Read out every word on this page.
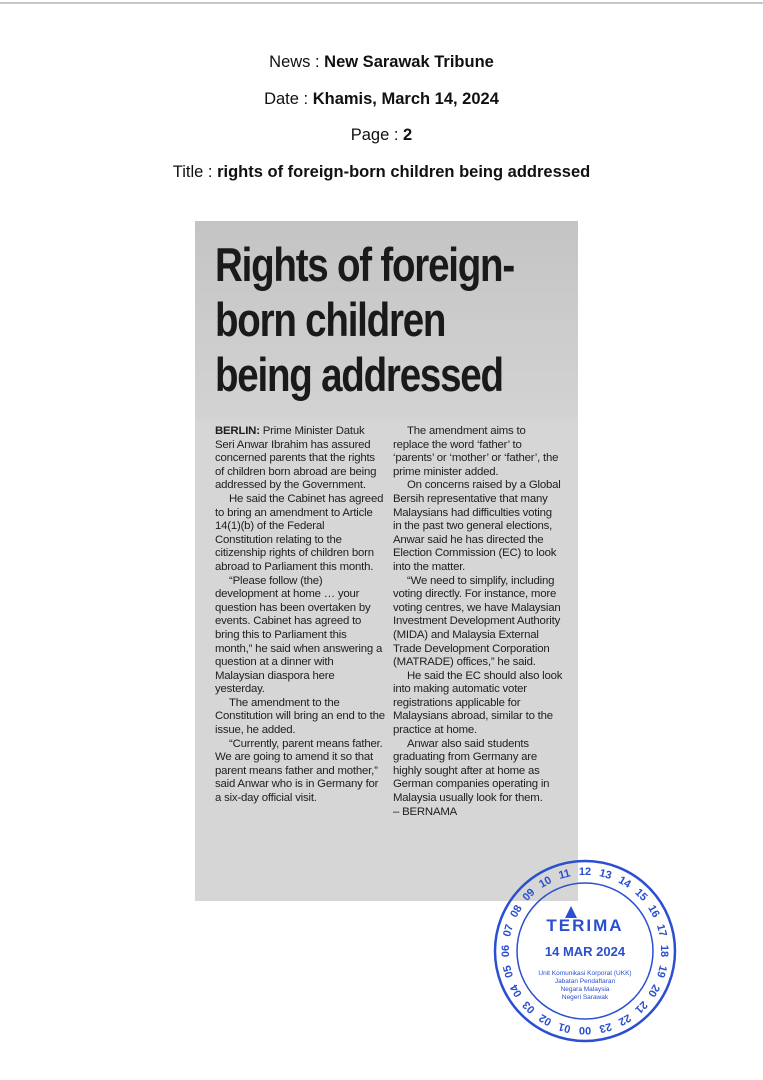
News : New Sarawak Tribune
Date : Khamis, March 14, 2024
Page : 2
Title : rights of foreign-born children being addressed
Rights of foreign-
born children
being addressed

BERLIN: Prime Minister Datuk Seri Anwar Ibrahim has assured concerned parents that the rights of children born abroad are being addressed by the Government.

He said the Cabinet has agreed to bring an amendment to Article 14(1)(b) of the Federal Constitution relating to the citizenship rights of children born abroad to Parliament this month.

“Please follow (the) development at home … your question has been overtaken by events. Cabinet has agreed to bring this to Parliament this month,” he said when answering a question at a dinner with Malaysian diaspora here yesterday.

The amendment to the Constitution will bring an end to the issue, he added.

“Currently, parent means father. We are going to amend it so that parent means father and mother,” said Anwar who is in Germany for a six-day official visit.

The amendment aims to replace the word ‘father’ to ‘parents’ or ‘mother’ or ‘father’, the prime minister added.

On concerns raised by a Global Bersih representative that many Malaysians had difficulties voting in the past two general elections, Anwar said he has directed the Election Commission (EC) to look into the matter.

“We need to simplify, including voting directly. For instance, more voting centres, we have Malaysian Investment Development Authority (MIDA) and Malaysia External Trade Development Corporation (MATRADE) offices,” he said.

He said the EC should also look into making automatic voter registrations applicable for Malaysians abroad, similar to the practice at home.

Anwar also said students graduating from Germany are highly sought after at home as German companies operating in Malaysia usually look for them.

– BERNAMA

11 12 13 14
15
16
17
18
19
20
21
22
23
00
01
02
03
04
05
06
07
08
09
10
TERIMA
14 MAR 2024
Unit Komunikasi Korporat (UKK)
Jabatan Pendaftaran
Negara Malaysia
Negeri Sarawak
